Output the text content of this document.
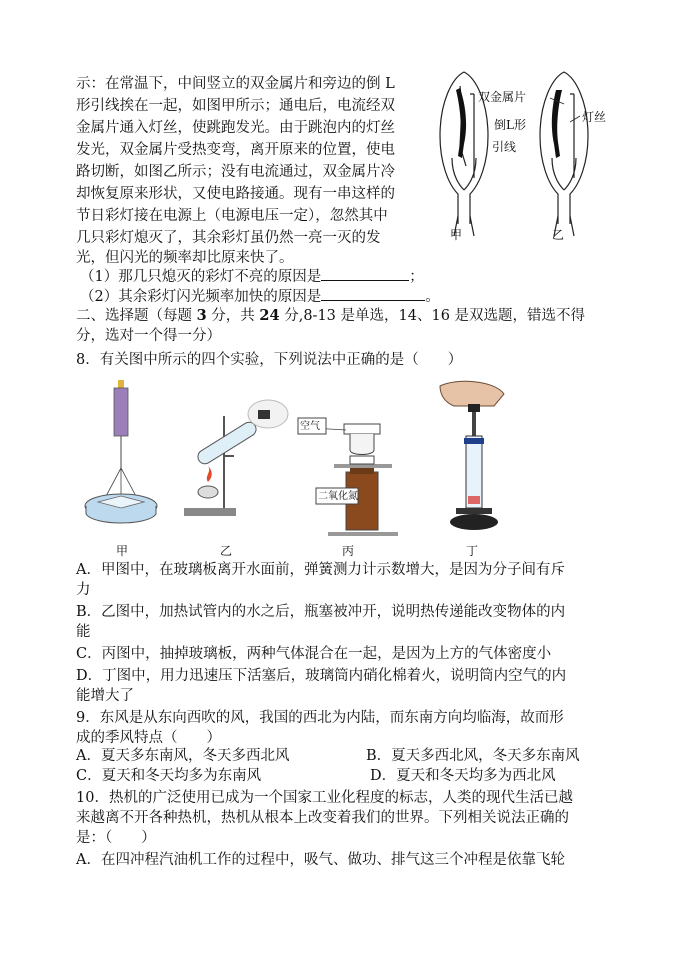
示：在常温下，中间竖立的双金属片和旁边的倒 L
形引线挨在一起，如图甲所示；通电后，电流经双
金属片通入灯丝，使跳跑发光。由于跳泡内的灯丝
发光，双金属片受热变弯，离开原来的位置，使电
路切断，如图乙所示；没有电流通过，双金属片冷
却恢复原来形状，又使电路接通。现有一串这样的
节日彩灯接在电源上（电源电压一定），忽然其中
几只彩灯熄灭了，其余彩灯虽仍然一亮一灭的发
光，但闪光的频率却比原来快了。
（1）那几只熄灭的彩灯不亮的原因是	；
（2）其余彩灯闪光频率加快的原因是	。
双金属片
灯丝
倒L形
引线
甲	乙
二、选择题（每题 3 分，共 24 分,8-13 是单选，14、16 是双选题，错选不得
分，选对一个得一分）
8．有关图中所示的四个实验，下列说法中正确的是（　　）
空气
二氧化氮
甲	乙	丙	丁
A．甲图中，在玻璃板离开水面前，弹簧测力计示数增大，是因为分子间有斥
力
B．乙图中，加热试管内的水之后，瓶塞被冲开，说明热传递能改变物体的内
能
C．丙图中，抽掉玻璃板，两种气体混合在一起，是因为上方的气体密度小
D．丁图中，用力迅速压下活塞后，玻璃筒内硝化棉着火，说明筒内空气的内
能增大了
9．东风是从东向西吹的风，我国的西北为内陆，而东南方向均临海，故而形
成的季风特点（　　）
A．夏天多东南风，冬天多西北风	B．夏天多西北风，冬天多东南风
C．夏天和冬天均多为东南风	D．夏天和冬天均多为西北风
10．热机的广泛使用已成为一个国家工业化程度的标志，人类的现代生活已越
来越离不开各种热机，热机从根本上改变着我们的世界。下列相关说法正确的
是：（　　）
A．在四冲程汽油机工作的过程中，吸气、做功、排气这三个冲程是依靠飞轮
